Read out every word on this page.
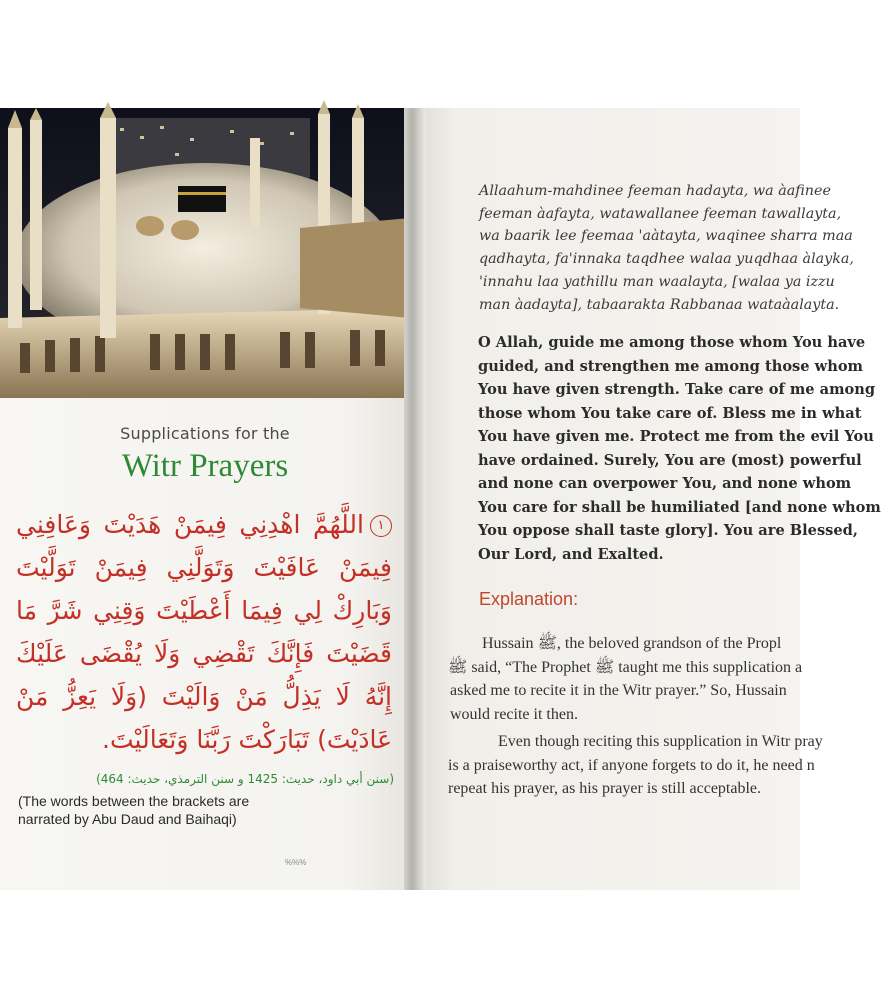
Supplications for the
Witr Prayers
١اللَّهُمَّ اهْدِنِي فِيمَنْ هَدَيْتَ وَعَافِنِي فِيمَنْ عَافَيْتَ وَتَوَلَّنِي فِيمَنْ تَوَلَّيْتَ وَبَارِكْ لِي فِيمَا أَعْطَيْتَ وَقِنِي شَرَّ مَا قَضَيْتَ فَإِنَّكَ تَقْضِي وَلَا يُقْضَى عَلَيْكَ إِنَّهُ لَا يَذِلُّ مَنْ وَالَيْتَ (وَلَا يَعِزُّ مَنْ عَادَيْتَ) تَبَارَكْتَ رَبَّنَا وَتَعَالَيْتَ.
(سنن أبي داود، حديث: 1425 و سنن الترمذي، حديث: 464)
(The words between the brackets are
narrated by Abu Daud and Baihaqi)
%%%
Allaahum-mahdinee feeman hadayta, wa àafinee
feeman àafayta, watawallanee feeman tawallayta,
wa baarik lee feemaa 'aàtayta, waqinee sharra maa
qadhayta, fa'innaka taqdhee walaa yuqdhaa àlayka,
'innahu laa yathillu man waalayta, [walaa ya izzu
man àadayta], tabaarakta Rabbanaa wataàalayta.
O Allah, guide me among those whom You have
guided, and strengthen me among those whom
You have given strength. Take care of me among
those whom You take care of. Bless me in what
You have given me. Protect me from the evil You
have ordained. Surely, You are (most) powerful
and none can overpower You, and none whom
You care for shall be humiliated [and none whom
You oppose shall taste glory]. You are Blessed,
Our Lord, and Exalted.
Explanation:
Hussain ﷺ, the beloved grandson of the Propl
ﷺ said, “The Prophet ﷺ taught me this supplication a
asked me to recite it in the Witr prayer.” So, Hussain
would recite it then.
Even though reciting this supplication in Witr pray
is a praiseworthy act, if anyone forgets to do it, he need n
repeat his prayer, as his prayer is still acceptable.
